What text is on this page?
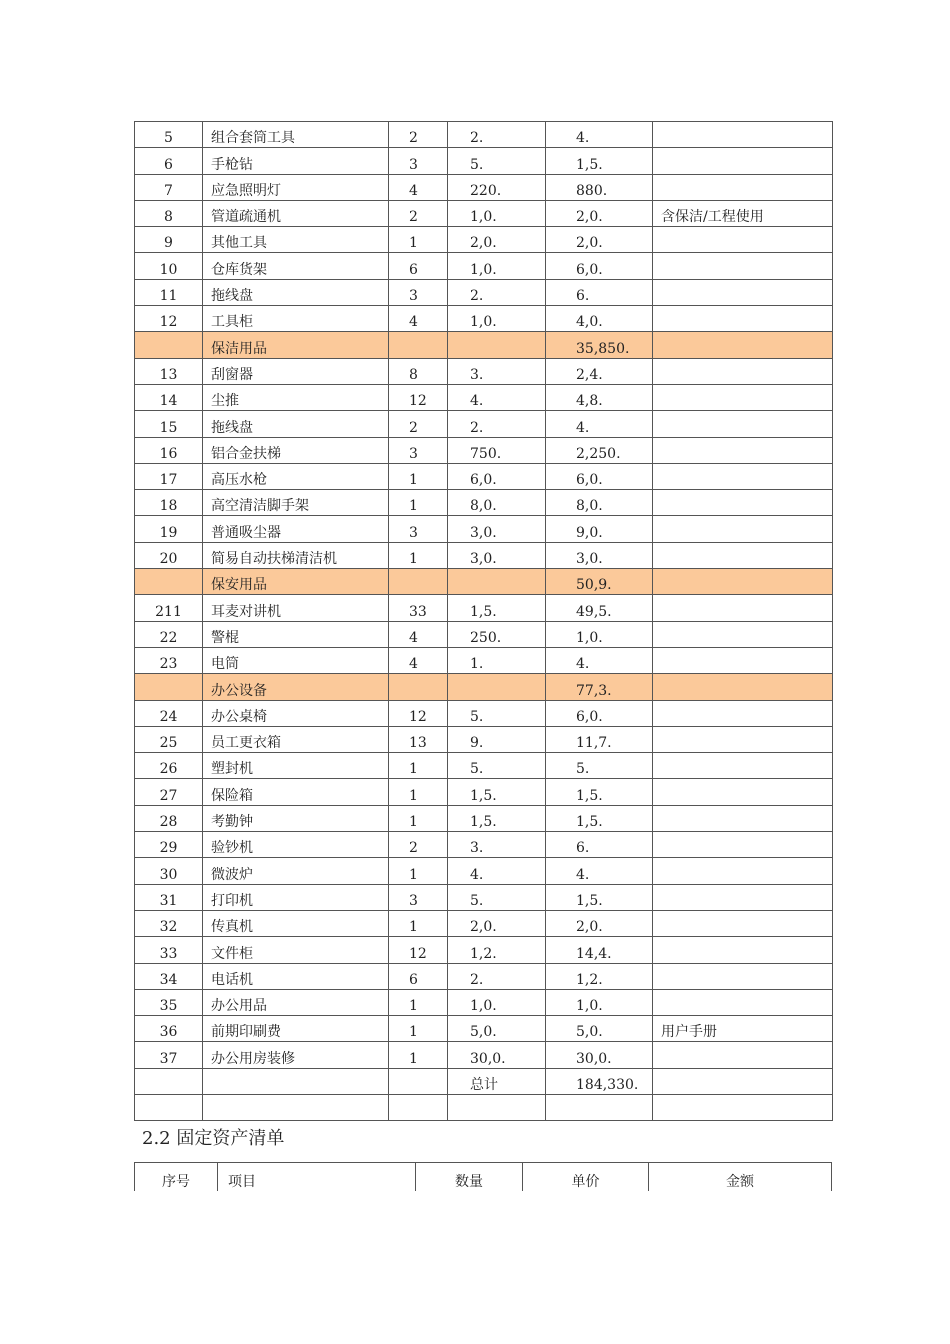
5	组合套筒工具	2	2.	4.	

6	手枪钻	3	5.	1,5.	

7	应急照明灯	4	220.	880.	

8	管道疏通机	2	1,0.	2,0.	含保洁/工程使用

9	其他工具	1	2,0.	2,0.	

10	仓库货架	6	1,0.	6,0.	

11	拖线盘	3	2.	6.	

12	工具柜	4	1,0.	4,0.	

	保洁用品			35,850.	

13	刮窗器	8	3.	2,4.	

14	尘推	12	4.	4,8.	

15	拖线盘	2	2.	4.	

16	铝合金扶梯	3	750.	2,250.	

17	高压水枪	1	6,0.	6,0.	

18	高空清洁脚手架	1	8,0.	8,0.	

19	普通吸尘器	3	3,0.	9,0.	

20	简易自动扶梯清洁机	1	3,0.	3,0.	

	保安用品			50,9.	

211	耳麦对讲机	33	1,5.	49,5.	

22	警棍	4	250.	1,0.	

23	电筒	4	1.	4.	

	办公设备			77,3.	

24	办公桌椅	12	5.	6,0.	

25	员工更衣箱	13	9.	11,7.	

26	塑封机	1	5.	5.	

27	保险箱	1	1,5.	1,5.	

28	考勤钟	1	1,5.	1,5.	

29	验钞机	2	3.	6.	

30	微波炉	1	4.	4.	

31	打印机	3	5.	1,5.	

32	传真机	1	2,0.	2,0.	

33	文件柜	12	1,2.	14,4.	

34	电话机	6	2.	1,2.	

35	办公用品	1	1,0.	1,0.	

36	前期印刷费	1	5,0.	5,0.	用户手册

37	办公用房装修	1	30,0.	30,0.	

			总计	184,330.	

2.2 固定资产清单
序号	项目	数量	单价	金额
